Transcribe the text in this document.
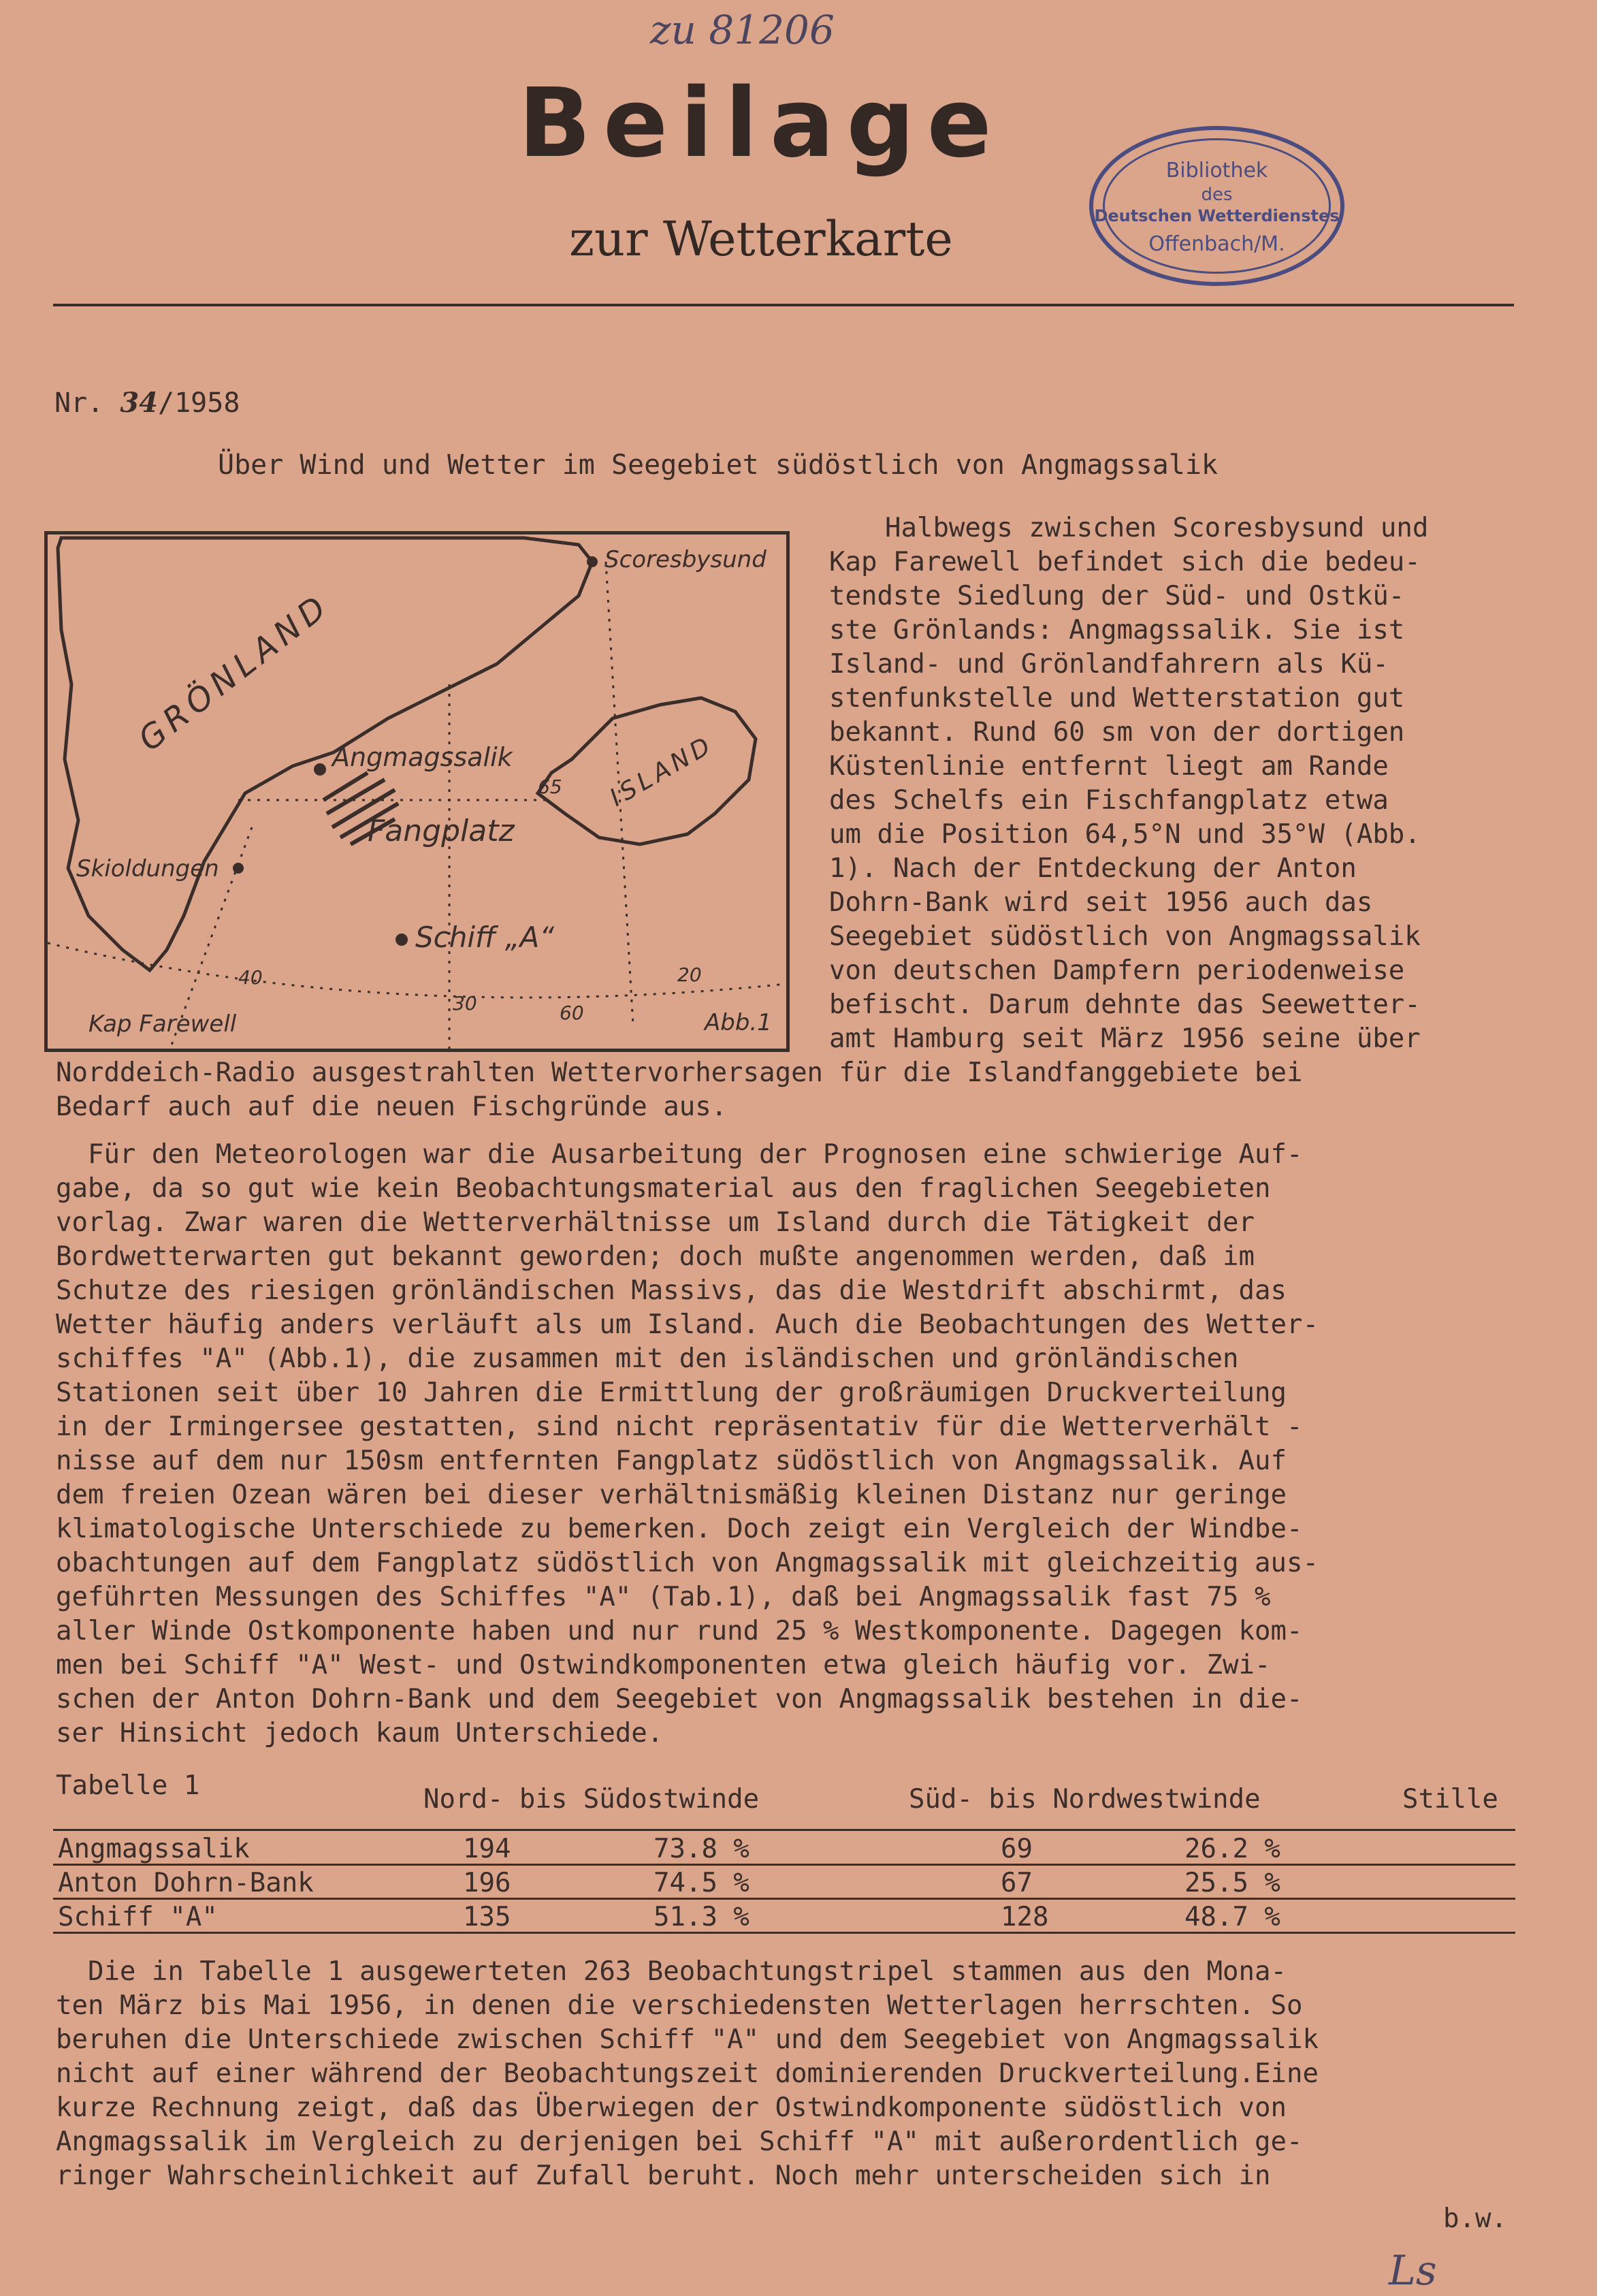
zu 81206
Beilage
zur Wetterkarte
Bibliothek
des
Deutschen Wetterdienstes
Offenbach/M.
Nr. 34/1958
Über Wind und Wetter im Seegebiet südöstlich von Angmagssalik
Scoresbysund
GRÖNLAND
Angmagssalik	ISLAND
Fangplatz
Skioldungen
Schiff „A“
Kap Farewell	Abb.1
65
40
30	60
20
Halbwegs zwischen Scoresbysund und
Kap Farewell befindet sich die bedeu-
tendste Siedlung der Süd- und Ostkü-
ste Grönlands: Angmagssalik. Sie ist
Island- und Grönlandfahrern als Kü-
stenfunkstelle und Wetterstation gut
bekannt. Rund 60 sm von der dortigen
Küstenlinie entfernt liegt am Rande
des Schelfs ein Fischfangplatz etwa
um die Position 64,5°N und 35°W (Abb.
1). Nach der Entdeckung der Anton
Dohrn-Bank wird seit 1956 auch das
Seegebiet südöstlich von Angmagssalik
von deutschen Dampfern periodenweise
befischt. Darum dehnte das Seewetter-
amt Hamburg seit März 1956 seine über
Norddeich-Radio ausgestrahlten Wettervorhersagen für die Islandfanggebiete bei
Bedarf auch auf die neuen Fischgründe aus.
Für den Meteorologen war die Ausarbeitung der Prognosen eine schwierige Auf-
gabe, da so gut wie kein Beobachtungsmaterial aus den fraglichen Seegebieten
vorlag. Zwar waren die Wetterverhältnisse um Island durch die Tätigkeit der
Bordwetterwarten gut bekannt geworden; doch mußte angenommen werden, daß im
Schutze des riesigen grönländischen Massivs, das die Westdrift abschirmt, das
Wetter häufig anders verläuft als um Island. Auch die Beobachtungen des Wetter-
schiffes "A" (Abb.1), die zusammen mit den isländischen und grönländischen
Stationen seit über 10 Jahren die Ermittlung der großräumigen Druckverteilung
in der Irmingersee gestatten, sind nicht repräsentativ für die Wetterverhält -
nisse auf dem nur 150sm entfernten Fangplatz südöstlich von Angmagssalik. Auf
dem freien Ozean wären bei dieser verhältnismäßig kleinen Distanz nur geringe
klimatologische Unterschiede zu bemerken. Doch zeigt ein Vergleich der Windbe-
obachtungen auf dem Fangplatz südöstlich von Angmagssalik mit gleichzeitig aus-
geführten Messungen des Schiffes "A" (Tab.1), daß bei Angmagssalik fast 75 %
aller Winde Ostkomponente haben und nur rund 25 % Westkomponente. Dagegen kom-
men bei Schiff "A" West- und Ostwindkomponenten etwa gleich häufig vor. Zwi-
schen der Anton Dohrn-Bank und dem Seegebiet von Angmagssalik bestehen in die-
ser Hinsicht jedoch kaum Unterschiede.
Tabelle 1	Nord- bis Südostwinde	Süd- bis Nordwestwinde	Stille
Angmagssalik	194	73.8 %	69	26.2 %
Anton Dohrn-Bank	196	74.5 %	67	25.5 %
Schiff "A"	135	51.3 %	128	48.7 %
Die in Tabelle 1 ausgewerteten 263 Beobachtungstripel stammen aus den Mona-
ten März bis Mai 1956, in denen die verschiedensten Wetterlagen herrschten. So
beruhen die Unterschiede zwischen Schiff "A" und dem Seegebiet von Angmagssalik
nicht auf einer während der Beobachtungszeit dominierenden Druckverteilung.Eine
kurze Rechnung zeigt, daß das Überwiegen der Ostwindkomponente südöstlich von
Angmagssalik im Vergleich zu derjenigen bei Schiff "A" mit außerordentlich ge-
ringer Wahrscheinlichkeit auf Zufall beruht. Noch mehr unterscheiden sich in
b.w.
Ls
